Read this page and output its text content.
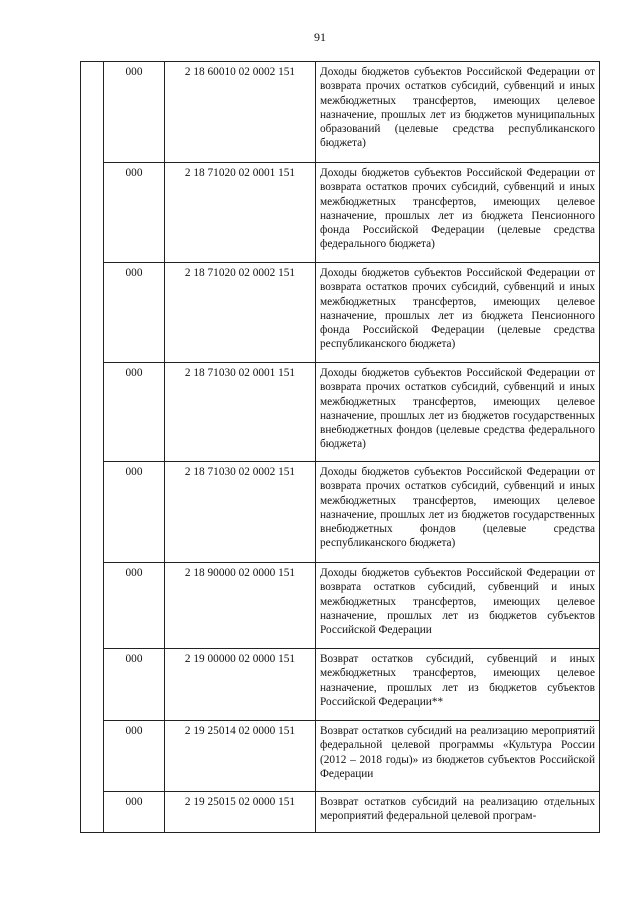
91
	000	2 18 60010 02 0002 151	Доходы бюджетов субъектов Российской Федерации от возврата прочих остатков субсидий, субвенций и иных межбюджетных трансфертов, имеющих целевое назначение, прошлых лет из бюджетов муниципальных образований (целевые средства республиканского бюджета)
	000	2 18 71020 02 0001 151	Доходы бюджетов субъектов Российской Федерации от возврата остатков прочих субсидий, субвенций и иных межбюджетных трансфертов, имеющих целевое назначение, прошлых лет из бюджета Пенсионного фонда Российской Федерации (целевые средства федерального бюджета)
	000	2 18 71020 02 0002 151	Доходы бюджетов субъектов Российской Федерации от возврата остатков прочих субсидий, субвенций и иных межбюджетных трансфертов, имеющих целевое назначение, прошлых лет из бюджета Пенсионного фонда Российской Федерации (целевые средства республиканского бюджета)
	000	2 18 71030 02 0001 151	Доходы бюджетов субъектов Российской Федерации от возврата прочих остатков субсидий, субвенций и иных межбюджетных трансфертов, имеющих целевое назначение, прошлых лет из бюджетов государственных внебюджетных фондов (целевые средства федерального бюджета)
	000	2 18 71030 02 0002 151	Доходы бюджетов субъектов Российской Федерации от возврата прочих остатков субсидий, субвенций и иных межбюджетных трансфертов, имеющих целевое назначение, прошлых лет из бюджетов государственных внебюджетных фондов (целевые средства республиканского бюджета)
	000	2 18 90000 02 0000 151	Доходы бюджетов субъектов Российской Федерации от возврата остатков субсидий, субвенций и иных межбюджетных трансфертов, имеющих целевое назначение, прошлых лет из бюджетов субъектов Российской Федерации
	000	2 19 00000 02 0000 151	Возврат остатков субсидий, субвенций и иных межбюджетных трансфертов, имеющих целевое назначение, прошлых лет из бюджетов субъектов Российской Федерации**
	000	2 19 25014 02 0000 151	Возврат остатков субсидий на реализацию мероприятий федеральной целевой программы «Культура России (2012 – 2018 годы)» из бюджетов субъектов Российской Федерации
	000	2 19 25015 02 0000 151	Возврат остатков субсидий на реализацию отдельных мероприятий федеральной целевой програм-
